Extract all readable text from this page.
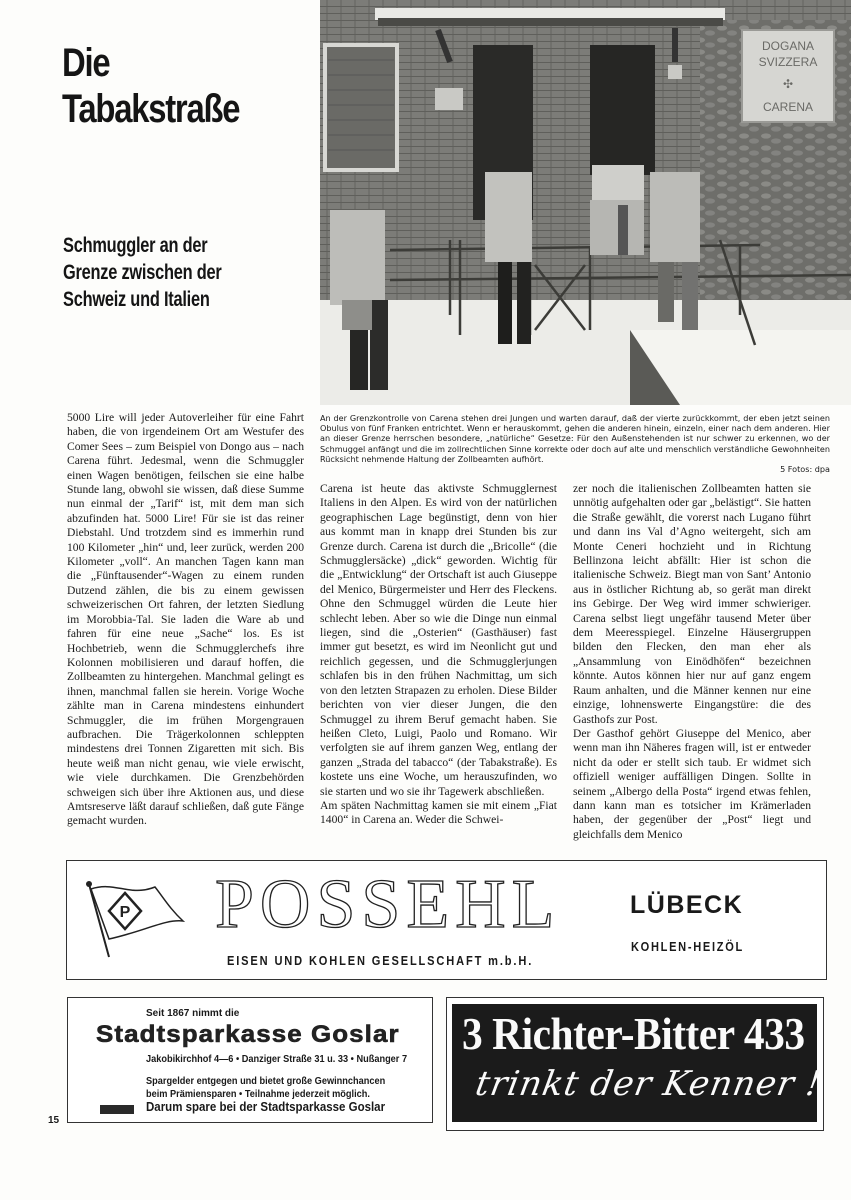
Die
Tabakstraße
Schmuggler an der
Grenze zwischen der
Schweiz und Italien
DOGANA
SVIZZERA
✣
CARENA
An der Grenzkontrolle von Carena stehen drei Jungen und warten darauf, daß der vierte zurückkommt, der eben jetzt seinen Obulus von fünf Franken entrichtet. Wenn er herauskommt, gehen die anderen hinein, einzeln, einer nach dem anderen. Hier an dieser Grenze herrschen besondere, „natürliche“ Gesetze: Für den Außenstehenden ist nur schwer zu erkennen, wo der Schmuggel anfängt und die im zollrechtlichen Sinne korrekte oder doch auf alte und menschlich verständliche Gewohnheiten Rücksicht nehmende Haltung der Zollbeamten aufhört.
5 Fotos: dpa

5000 Lire will jeder Autoverleiher für eine Fahrt haben, die von irgendeinem Ort am Westufer des Comer Sees – zum Beispiel von Dongo aus – nach Carena führt. Jedesmal, wenn die Schmuggler einen Wagen benötigen, feilschen sie eine halbe Stunde lang, obwohl sie wissen, daß diese Summe nun einmal der „Tarif“ ist, mit dem man sich abzufinden hat. 5000 Lire! Für sie ist das reiner Diebstahl. Und trotzdem sind es immerhin rund 100 Kilometer „hin“ und, leer zurück, werden 200 Kilometer „voll“. An manchen Tagen kann man die „Fünftausender“-Wagen zu einem runden Dutzend zählen, die bis zu einem gewissen schweizerischen Ort fahren, der letzten Siedlung im Morobbia-Tal. Sie laden die Ware ab und fahren für eine neue „Sache“ los. Es ist Hochbetrieb, wenn die Schmugglerchefs ihre Kolonnen mobilisieren und darauf hoffen, die Zollbeamten zu hintergehen. Manchmal gelingt es ihnen, manchmal fallen sie herein. Vorige Woche zählte man in Carena mindestens einhundert Schmuggler, die im frühen Morgengrauen aufbrachen. Die Trägerkolonnen schleppten mindestens drei Tonnen Zigaretten mit sich. Bis heute weiß man nicht genau, wie viele erwischt, wie viele durchkamen. Die Grenzbehörden schweigen sich über ihre Aktionen aus, und diese Amtsreserve läßt darauf schließen, daß gute Fänge gemacht wurden.

Carena ist heute das aktivste Schmugglernest Italiens in den Alpen. Es wird von der natürlichen geographischen Lage begünstigt, denn von hier aus kommt man in knapp drei Stunden bis zur Grenze durch. Carena ist durch die „Bricolle“ (die Schmugglersäcke) „dick“ geworden. Wichtig für die „Entwicklung“ der Ortschaft ist auch Giuseppe del Menico, Bürgermeister und Herr des Fleckens. Ohne den Schmuggel würden die Leute hier schlecht leben. Aber so wie die Dinge nun einmal liegen, sind die „Osterien“ (Gasthäuser) fast immer gut besetzt, es wird im Neonlicht gut und reichlich gegessen, und die Schmugglerjungen schlafen bis in den frühen Nachmittag, um sich von den letzten Strapazen zu erholen. Diese Bilder berichten von vier dieser Jungen, die den Schmuggel zu ihrem Beruf gemacht haben. Sie heißen Cleto, Luigi, Paolo und Romano. Wir verfolgten sie auf ihrem ganzen Weg, entlang der ganzen „Strada del tabacco“ (der Tabakstraße). Es kostete uns eine Woche, um herauszufinden, wo sie starten und wo sie ihr Tagewerk abschließen.

Am späten Nachmittag kamen sie mit einem „Fiat 1400“ in Carena an. Weder die Schwei-

zer noch die italienischen Zollbeamten hatten sie unnötig aufgehalten oder gar „belästigt“. Sie hatten die Straße gewählt, die vorerst nach Lugano führt und dann ins Val d’Agno weitergeht, sich am Monte Ceneri hochzieht und in Richtung Bellinzona leicht abfällt: Hier ist schon die italienische Schweiz. Biegt man von Sant’ Antonio aus in östlicher Richtung ab, so gerät man direkt ins Gebirge. Der Weg wird immer schwieriger. Carena selbst liegt ungefähr tausend Meter über dem Meeresspiegel. Einzelne Häusergruppen bilden den Flecken, den man eher als „Ansammlung von Einödhöfen“ bezeichnen könnte. Autos können hier nur auf ganz engem Raum anhalten, und die Männer kennen nur eine einzige, lohnenswerte Eingangstüre: die des Gasthofs zur Post.

Der Gasthof gehört Giuseppe del Menico, aber wenn man ihn Näheres fragen will, ist er entweder nicht da oder er stellt sich taub. Er widmet sich offiziell weniger auffälligen Dingen. Sollte in seinem „Albergo della Posta“ irgend etwas fehlen, dann kann man es totsicher im Krämerladen haben, der gegenüber der „Post“ liegt und gleichfalls dem Menico

P POSSEHL
EISEN UND KOHLEN GESELLSCHAFT m.b.H.
LÜBECK
KOHLEN-HEIZÖL
Seit 1867 nimmt die
Stadtsparkasse Goslar
Jakobikirchhof 4—6 • Danziger Straße 31 u. 33 • Nußanger 7
Spargelder entgegen und bietet große Gewinnchancen
beim Prämiensparen • Teilnahme jederzeit möglich.
Darum spare bei der Stadtsparkasse Goslar
3 Richter-Bitter 433
trinkt der Kenner !
15
